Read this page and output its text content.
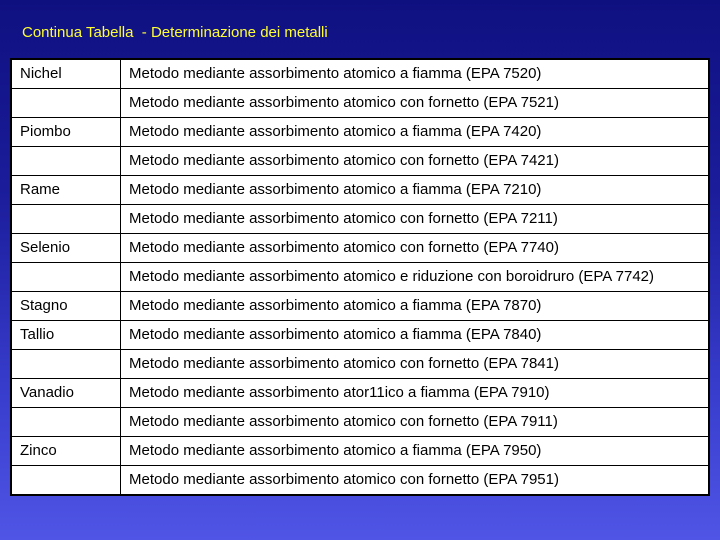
Continua Tabella  - Determinazione dei metalli
Nichel	Metodo mediante assorbimento atomico a fiamma (EPA 7520)
	Metodo mediante assorbimento atomico con fornetto (EPA 7521)
Piombo	Metodo mediante assorbimento atomico a fiamma (EPA 7420)
	Metodo mediante assorbimento atomico con fornetto (EPA 7421)
Rame	Metodo mediante assorbimento atomico a fiamma (EPA 7210)
	Metodo mediante assorbimento atomico con fornetto (EPA 7211)
Selenio	Metodo mediante assorbimento atomico con fornetto (EPA 7740)
	Metodo mediante assorbimento atomico e riduzione con boroidruro (EPA 7742)
Stagno	Metodo mediante assorbimento atomico a fiamma (EPA 7870)
Tallio	Metodo mediante assorbimento atomico a fiamma (EPA 7840)
	Metodo mediante assorbimento atomico con fornetto (EPA 7841)
Vanadio	Metodo mediante assorbimento ator11ico a fiamma (EPA 7910)
	Metodo mediante assorbimento atomico con fornetto (EPA 7911)
Zinco	Metodo mediante assorbimento atomico a fiamma (EPA 7950)
	Metodo mediante assorbimento atomico con fornetto (EPA 7951)
